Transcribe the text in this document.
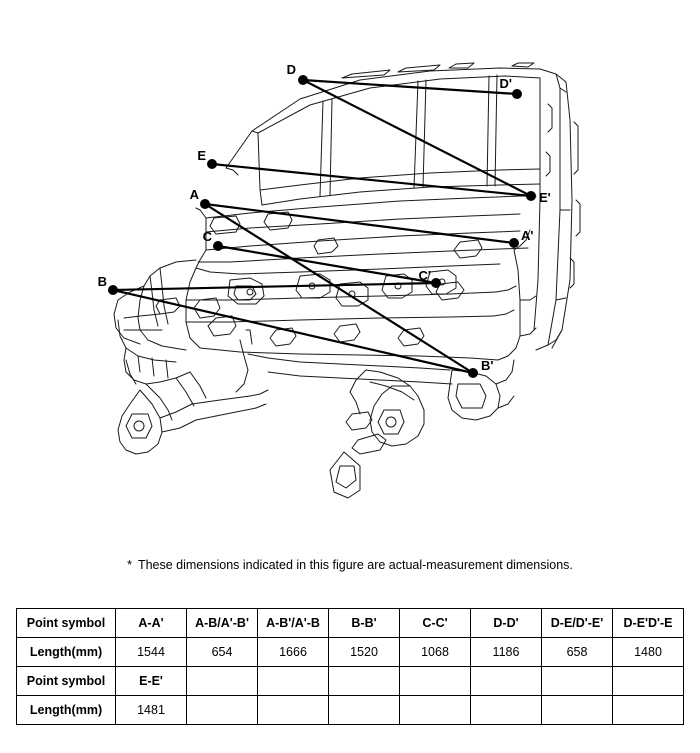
D
D'
E
E'
A
A'
C
C'
B
B'
* These dimensions indicated in this figure are actual-measurement dimensions.
Point symbol	A-A'	A-B/A'-B'	A-B'/A'-B	B-B'	C-C'	D-D'	D-E/D'-E'	D-E'D'-E
Length(mm)	1544	654	1666	1520	1068	1186	658	1480
Point symbol	E-E'							
Length(mm)	1481							
